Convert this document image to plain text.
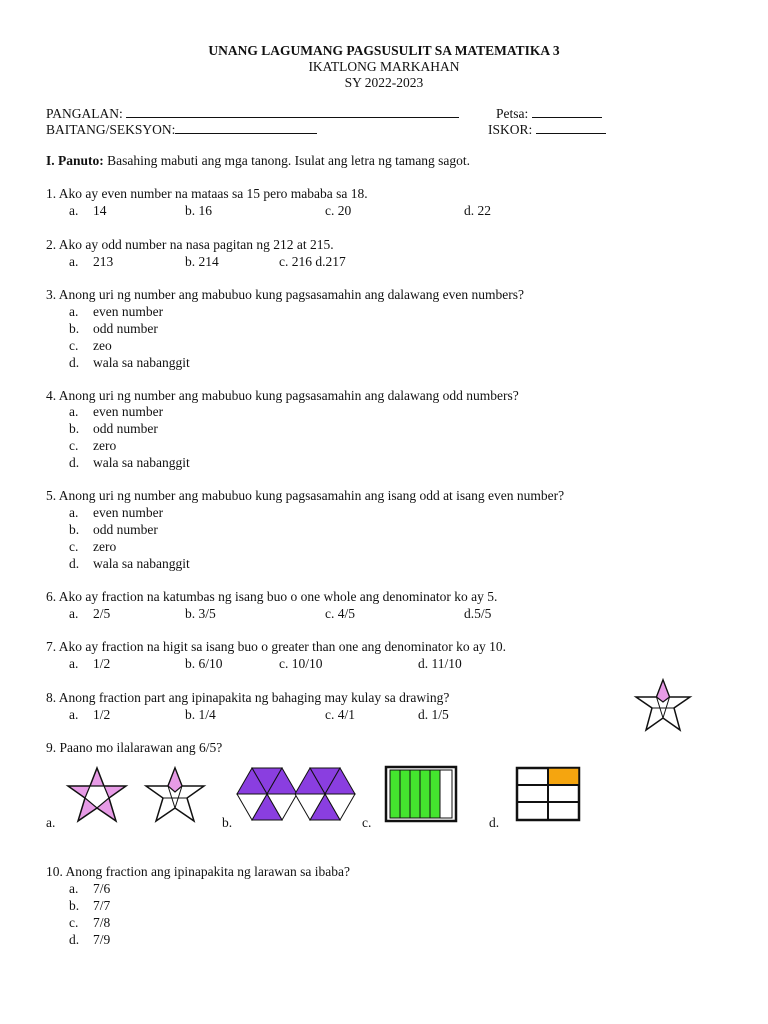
UNANG LAGUMANG PAGSUSULIT SA MATEMATIKA 3
IKATLONG MARKAHAN
SY 2022-2023
PANGALAN:	Petsa:
BAITANG/SEKSYON:	ISKOR:
I. Panuto: Basahing mabuti ang mga tanong. Isulat ang letra ng tamang sagot.
1. Ako ay even number na mataas sa 15 pero mababa sa 18.
a. 14	b. 16	c. 20	d. 22
2. Ako ay odd number na nasa pagitan ng 212 at 215.
a. 213	b. 214	c. 216 d.217
3. Anong uri ng number ang mabubuo kung pagsasamahin ang dalawang even numbers?
a. even number
b. odd number
c. zeo
d. wala sa nabanggit
4. Anong uri ng number ang mabubuo kung pagsasamahin ang dalawang odd numbers?
a. even number
b. odd number
c. zero
d. wala sa nabanggit
5. Anong uri ng number ang mabubuo kung pagsasamahin ang isang odd at isang even number?
a. even number
b. odd number
c. zero
d. wala sa nabanggit
6. Ako ay fraction na katumbas ng isang buo o one whole ang denominator ko ay 5.
a. 2/5	b. 3/5	c. 4/5	d.5/5
7. Ako ay fraction na higit sa isang buo o greater than one ang denominator ko ay 10.
a. 1/2	b. 6/10	c. 10/10	d. 11/10
8. Anong fraction part ang ipinapakita ng bahaging may kulay sa drawing?
a. 1/2	b. 1/4	c. 4/1	d. 1/5
9. Paano mo ilalarawan ang 6/5?
a.	b.	c.	d.
10. Anong fraction ang ipinapakita ng larawan sa ibaba?
a. 7/6
b. 7/7
c. 7/8
d. 7/9
